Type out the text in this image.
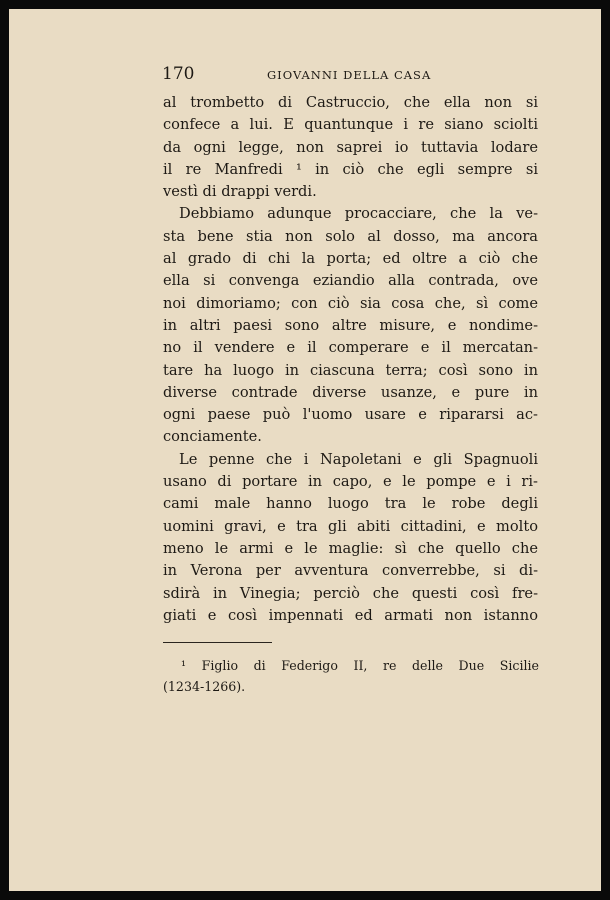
170	GIOVANNI DELLA CASA
al trombetto di Castruccio, che ella non si
confece a lui. E quantunque i re siano sciolti
da ogni legge, non saprei io tuttavia lodare
il re Manfredi ¹ in ciò che egli sempre si
vestì di drappi verdi.
Debbiamo adunque procacciare, che la ve-
sta bene stia non solo al dosso, ma ancora
al grado di chi la porta; ed oltre a ciò che
ella si convenga eziandio alla contrada, ove
noi dimoriamo; con ciò sia cosa che, sì come
in altri paesi sono altre misure, e nondime-
no il vendere e il comperare e il mercatan-
tare ha luogo in ciascuna terra; così sono in
diverse contrade diverse usanze, e pure in
ogni paese può l'uomo usare e ripararsi ac-
conciamente.
Le penne che i Napoletani e gli Spagnuoli
usano di portare in capo, e le pompe e i ri-
cami male hanno luogo tra le robe degli
uomini gravi, e tra gli abiti cittadini, e molto
meno le armi e le maglie: sì che quello che
in Verona per avventura converrebbe, si di-
sdirà in Vinegia; perciò che questi così fre-
giati e così impennati ed armati non istanno
¹ Figlio di Federigo II, re delle Due Sicilie
(1234-1266).
